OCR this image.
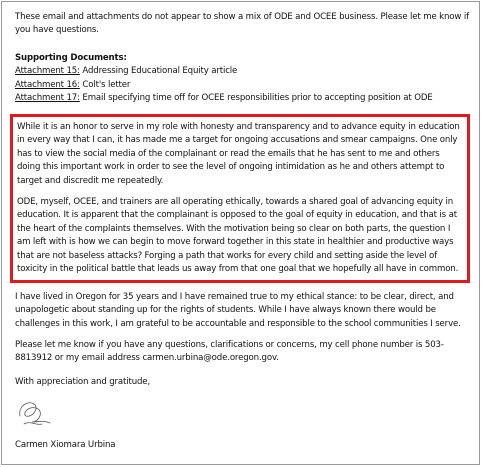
These email and attachments do not appear to show a mix of ODE and OCEE business. Please let me know if you have questions.

Supporting Documents:

Attachment 15: Addressing Educational Equity article

Attachment 16: Colt's letter

Attachment 17: Email specifying time off for OCEE responsibilities prior to accepting position at ODE

While it is an honor to serve in my role with honesty and transparency and to advance equity in education in every way that I can, it has made me a target for ongoing accusations and smear campaigns. One only has to view the social media of the complainant or read the emails that he has sent to me and others doing this important work in order to see the level of ongoing intimidation as he and others attempt to target and discredit me repeatedly.

ODE, myself, OCEE, and trainers are all operating ethically, towards a shared goal of advancing equity in education. It is apparent that the complainant is opposed to the goal of equity in education, and that is at the heart of the complaints themselves. With the motivation being so clear on both parts, the question I am left with is how we can begin to move forward together in this state in healthier and productive ways that are not baseless attacks? Forging a path that works for every child and setting aside the level of toxicity in the political battle that leads us away from that one goal that we hopefully all have in common.

I have lived in Oregon for 35 years and I have remained true to my ethical stance: to be clear, direct, and unapologetic about standing up for the rights of students. While I have always known there would be challenges in this work, I am grateful to be accountable and responsible to the school communities I serve.

Please let me know if you have any questions, clarifications or concerns, my cell phone number is 503-8813912 or my email address carmen.urbina@ode.oregon.gov.

With appreciation and gratitude,

Carmen Xiomara Urbina
